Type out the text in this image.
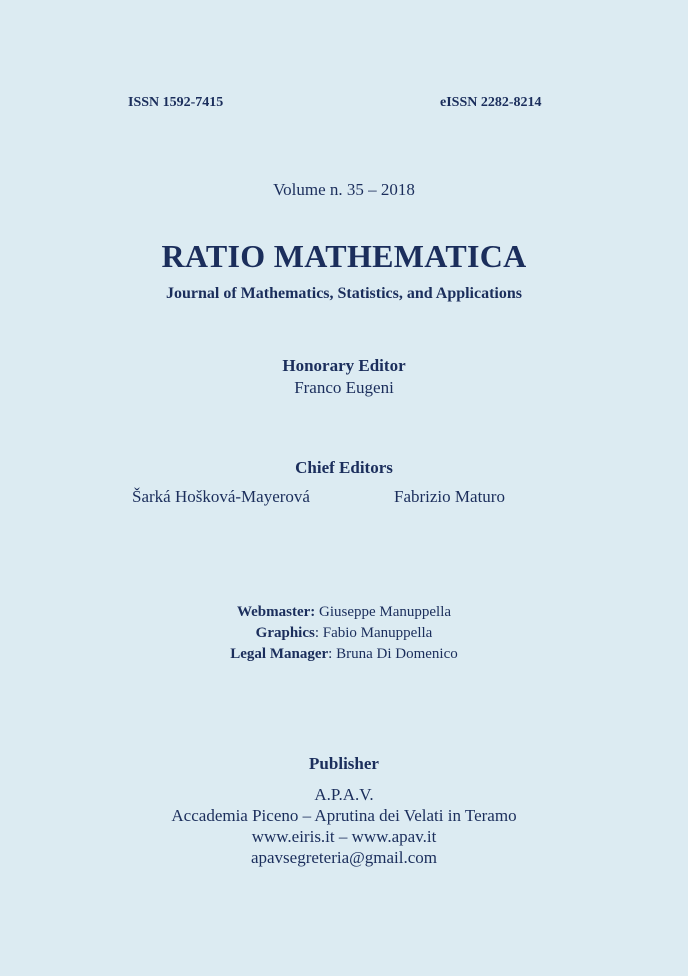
ISSN 1592-7415	eISSN 2282-8214
Volume n. 35 – 2018
RATIO MATHEMATICA
Journal of Mathematics, Statistics, and Applications
Honorary Editor
Franco Eugeni
Chief Editors
Šarká Hošková-Mayerová	Fabrizio Maturo
Webmaster: Giuseppe Manuppella
Graphics: Fabio Manuppella
Legal Manager: Bruna Di Domenico
Publisher
A.P.A.V.
Accademia Piceno – Aprutina dei Velati in Teramo
www.eiris.it – www.apav.it
apavsegreteria@gmail.com
